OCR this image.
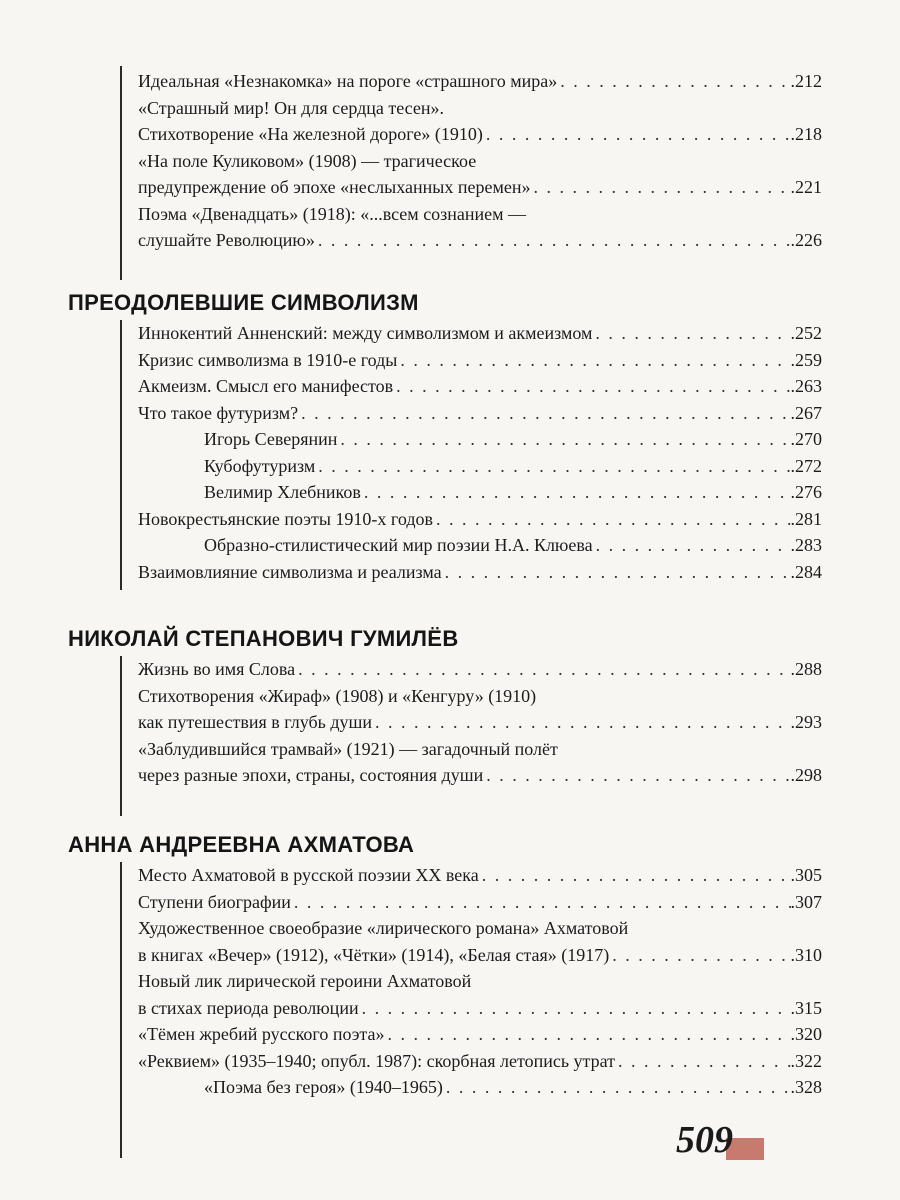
Идеальная «Незнакомка» на пороге «страшного мира» . . .	.212
«Страшный мир! Он для сердца тесен».
Стихотворение «На железной дороге» (1910) . . .	.218
«На поле Куликовом» (1908) — трагическое
предупреждение об эпохе «неслыханных перемен» . . .	.221
Поэма «Двенадцать» (1918): «...всем сознанием —
слушайте Революцию» . . .	.226
ПРЕОДОЛЕВШИЕ СИМВОЛИЗМ
Иннокентий Анненский: между символизмом и акмеизмом . . .	.252
Кризис символизма в 1910-е годы . . .	.259
Акмеизм. Смысл его манифестов . . .	.263
Что такое футуризм? . . .	.267
Игорь Северянин . . .	.270
Кубофутуризм . . .	.272
Велимир Хлебников . . .	.276
Новокрестьянские поэты 1910-х годов . . .	.281
Образно-стилистический мир поэзии Н.А. Клюева . . .	.283
Взаимовлияние символизма и реализма . . .	.284
НИКОЛАЙ СТЕПАНОВИЧ ГУМИЛЁВ
Жизнь во имя Слова . . .	.288
Стихотворения «Жираф» (1908) и «Кенгуру» (1910)
как путешествия в глубь души . . .	.293
«Заблудившийся трамвай» (1921) — загадочный полёт
через разные эпохи, страны, состояния души . . .	.298
АННА АНДРЕЕВНА АХМАТОВА
Место Ахматовой в русской поэзии XX века . . .	.305
Ступени биографии . . .	.307
Художественное своеобразие «лирического романа» Ахматовой
в книгах «Вечер» (1912), «Чётки» (1914), «Белая стая» (1917) . . .	.310
Новый лик лирической героини Ахматовой
в стихах периода революции . . .	.315
«Тёмен жребий русского поэта» . . .	.320
«Реквием» (1935–1940; опубл. 1987): скорбная летопись утрат . . .	.322
«Поэма без героя» (1940–1965) . . .	.328
509
